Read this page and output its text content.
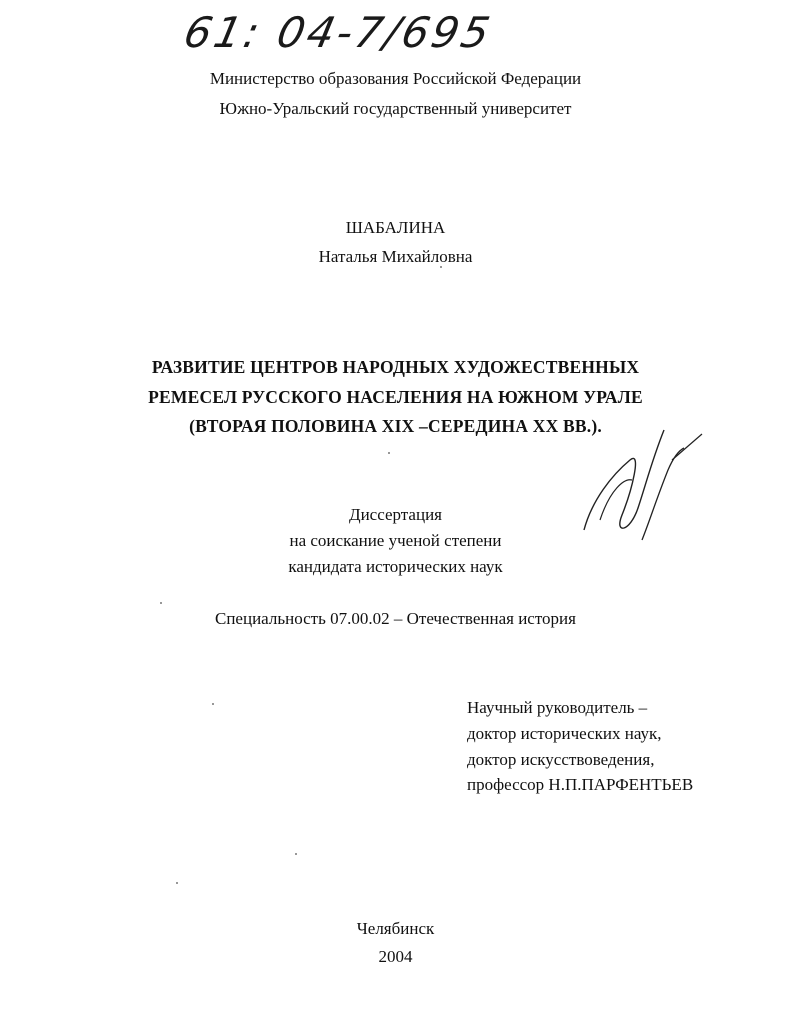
61: 04-7/695
Министерство образования Российской Федерации
Южно-Уральский государственный университет
ШАБАЛИНА
Наталья Михайловна
РАЗВИТИЕ ЦЕНТРОВ НАРОДНЫХ ХУДОЖЕСТВЕННЫХ
РЕМЕСЕЛ РУССКОГО НАСЕЛЕНИЯ НА ЮЖНОМ УРАЛЕ
(ВТОРАЯ ПОЛОВИНА XIX –СЕРЕДИНА XX ВВ.).
Диссертация
на соискание ученой степени
кандидата исторических наук
Специальность 07.00.02 – Отечественная история
Научный руководитель –
доктор исторических наук,
доктор искусствоведения,
профессор Н.П.ПАРФЕНТЬЕВ
Челябинск
2004
